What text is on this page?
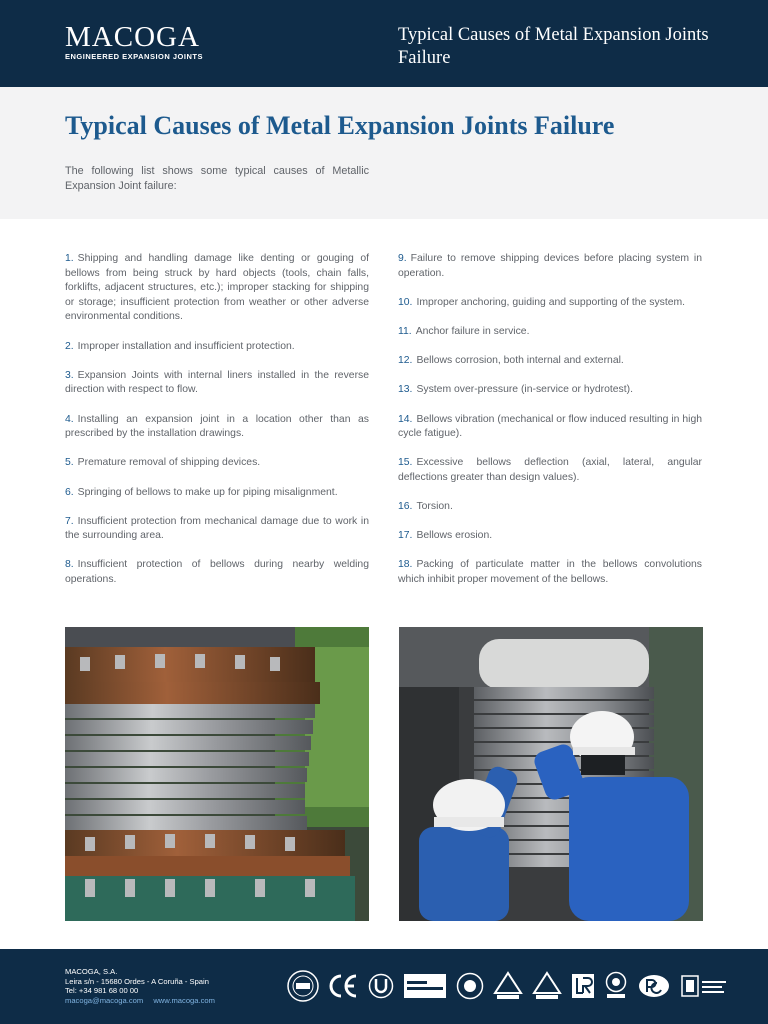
MACOGA
ENGINEERED EXPANSION JOINTS
Typical Causes of Metal Expansion Joints Failure
Typical Causes of Metal Expansion Joints Failure

The following list shows some typical causes of Metallic Expansion Joint failure:

1. Shipping and handling damage like denting or gouging of bellows from being struck by hard objects (tools, chain falls, forklifts, adjacent structures, etc.); improper stacking for shipping or storage; insufficient protection from weather or other adverse environmental conditions.

2. Improper installation and insufficient protection.

3. Expansion Joints with internal liners installed in the reverse direction with respect to flow.

4. Installing an expansion joint in a location other than as prescribed by the installation drawings.

5. Premature removal of shipping devices.

6. Springing of bellows to make up for piping misalignment.

7. Insufficient protection from mechanical damage due to work in the surrounding area.

8. Insufficient protection of bellows during nearby welding operations.

9. Failure to remove shipping devices before placing system in operation.

10. Improper anchoring, guiding and supporting of the system.

11. Anchor failure in service.

12. Bellows corrosion, both internal and external.

13. System over-pressure (in-service or hydrotest).

14. Bellows vibration (mechanical or flow induced resulting in high cycle fatigue).

15. Excessive bellows deflection (axial, lateral, angular deflections greater than design values).

16. Torsion.

17. Bellows erosion.

18. Packing of particulate matter in the bellows convolutions which inhibit proper movement of the bellows.

MACOGA, S.A.
Leira s/n - 15680 Ordes - A Coruña - Spain
Tel: +34 981 68 00 00
macoga@macoga.com www.macoga.com
